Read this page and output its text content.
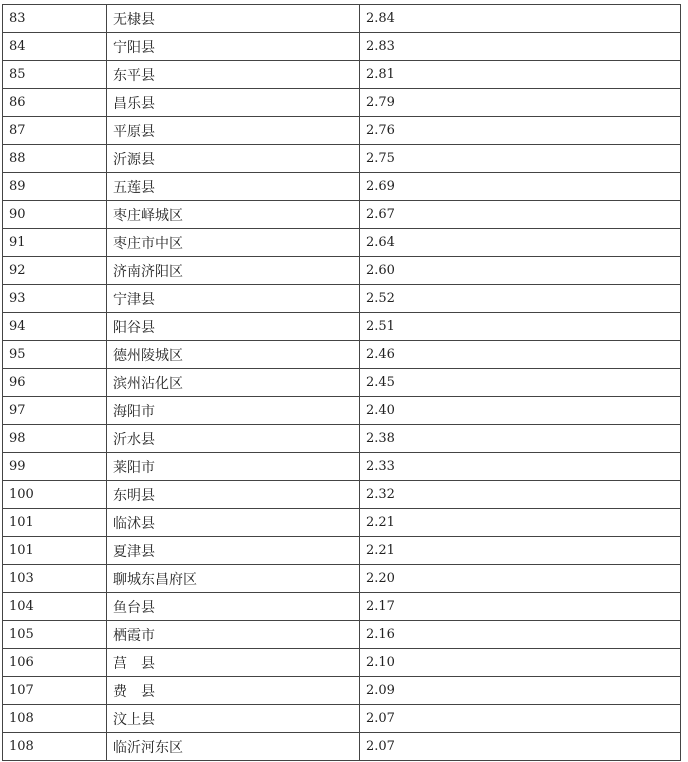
83	无棣县	2.84
84	宁阳县	2.83
85	东平县	2.81
86	昌乐县	2.79
87	平原县	2.76
88	沂源县	2.75
89	五莲县	2.69
90	枣庄峄城区	2.67
91	枣庄市中区	2.64
92	济南济阳区	2.60
93	宁津县	2.52
94	阳谷县	2.51
95	德州陵城区	2.46
96	滨州沾化区	2.45
97	海阳市	2.40
98	沂水县	2.38
99	莱阳市	2.33
100	东明县	2.32
101	临沭县	2.21
101	夏津县	2.21
103	聊城东昌府区	2.20
104	鱼台县	2.17
105	栖霞市	2.16
106	莒　县	2.10
107	费　县	2.09
108	汶上县	2.07
108	临沂河东区	2.07
